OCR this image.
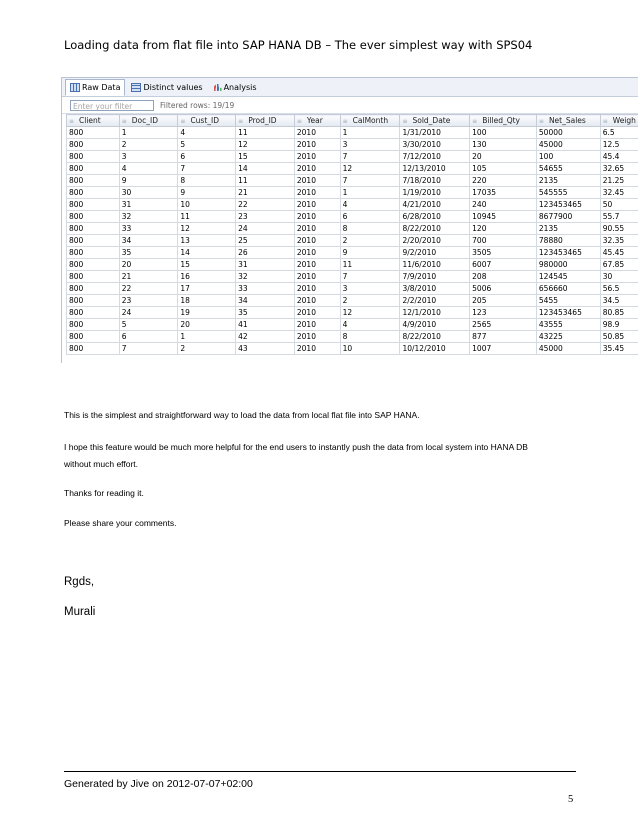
Loading data from flat file into SAP HANA DB – The ever simplest way with SPS04
Raw Data	Distinct values	Analysis
Enter your filter	Filtered rows: 19/19
≡ Client	≡ Doc_ID	≡ Cust_ID	≡ Prod_ID	≡ Year	≡ CalMonth	≡ Sold_Date	≡ Billed_Qty	≡ Net_Sales	≡ Weigh
800	1	4	11	2010	1	1/31/2010	100	50000	6.5
800	2	5	12	2010	3	3/30/2010	130	45000	12.5
800	3	6	15	2010	7	7/12/2010	20	100	45.4
800	4	7	14	2010	12	12/13/2010	105	54655	32.65
800	9	8	11	2010	7	7/18/2010	220	2135	21.25
800	30	9	21	2010	1	1/19/2010	17035	545555	32.45
800	31	10	22	2010	4	4/21/2010	240	123453465	50
800	32	11	23	2010	6	6/28/2010	10945	8677900	55.7
800	33	12	24	2010	8	8/22/2010	120	2135	90.55
800	34	13	25	2010	2	2/20/2010	700	78880	32.35
800	35	14	26	2010	9	9/2/2010	3505	123453465	45.45
800	20	15	31	2010	11	11/6/2010	6007	980000	67.85
800	21	16	32	2010	7	7/9/2010	208	124545	30
800	22	17	33	2010	3	3/8/2010	5006	656660	56.5
800	23	18	34	2010	2	2/2/2010	205	5455	34.5
800	24	19	35	2010	12	12/1/2010	123	123453465	80.85
800	5	20	41	2010	4	4/9/2010	2565	43555	98.9
800	6	1	42	2010	8	8/22/2010	877	43225	50.85
800	7	2	43	2010	10	10/12/2010	1007	45000	35.45
This is the simplest and straightforward way to load the data from local flat file into SAP HANA.
I hope this feature would be much more helpful for the end users to instantly push the data from local system into HANA DB
without much effort.
Thanks for reading it.
Please share your comments.
Rgds,
Murali
Generated by Jive on 2012-07-07+02:00
5
